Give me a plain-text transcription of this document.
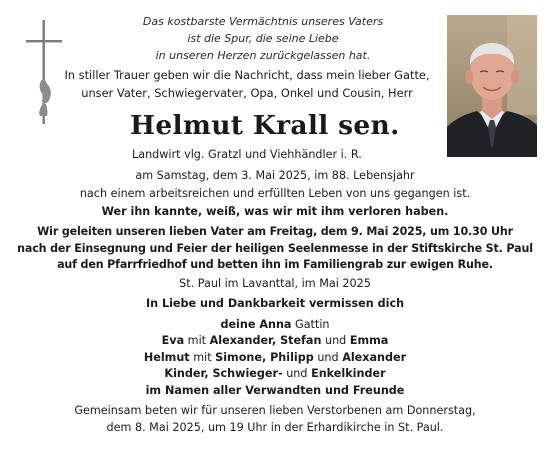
Das kostbarste Vermächtnis unseres Vaters
ist die Spur, die seine Liebe
in unseren Herzen zurückgelassen hat.
In stiller Trauer geben wir die Nachricht, dass mein lieber Gatte,
unser Vater, Schwiegervater, Opa, Onkel und Cousin, Herr
Helmut Krall sen.
Landwirt vlg. Gratzl und Viehhändler i. R.
am Samstag, dem 3. Mai 2025, im 88. Lebensjahr
nach einem arbeitsreichen und erfüllten Leben von uns gegangen ist.
Wer ihn kannte, weiß, was wir mit ihm verloren haben.
Wir geleiten unseren lieben Vater am Freitag, dem 9. Mai 2025, um 10.30 Uhr
nach der Einsegnung und Feier der heiligen Seelenmesse in der Stiftskirche St. Paul
auf den Pfarrfriedhof und betten ihn im Familiengrab zur ewigen Ruhe.
St. Paul im Lavanttal, im Mai 2025
In Liebe und Dankbarkeit vermissen dich
deine Anna Gattin
Eva mit Alexander, Stefan und Emma
Helmut mit Simone, Philipp und Alexander
Kinder, Schwieger- und Enkelkinder
im Namen aller Verwandten und Freunde
Gemeinsam beten wir für unseren lieben Verstorbenen am Donnerstag,
dem 8. Mai 2025, um 19 Uhr in der Erhardikirche in St. Paul.
